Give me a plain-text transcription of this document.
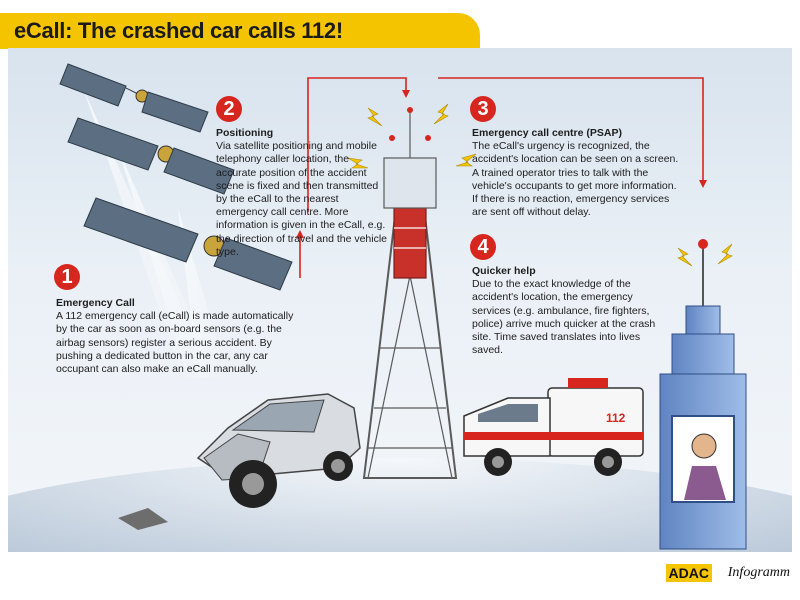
eCall: The crashed car calls 112!
112
1
2	3
4
Emergency Call
A 112 emergency call (eCall) is made automatically by the car as soon as on-board sensors (e.g. the airbag sensors) register a serious accident. By pushing a dedicated button in the car, any car occupant can also make an eCall manually.
Positioning
Via satellite positioning and mobile telephony caller location, the accurate position of the accident scene is fixed and then transmitted by the eCall to the nearest emergency call centre. More information is given in the eCall, e.g. the direction of travel and the vehicle type.
Emergency call centre (PSAP)
The eCall's urgency is recognized, the accident's location can be seen on a screen. A trained operator tries to talk with the vehicle's occupants to get more information. If there is no reaction, emergency services are sent off without delay.
Quicker help
Due to the exact knowledge of the accident's location, the emergency services (e.g. ambulance, fire fighters, police) arrive much quicker at the crash site. Time saved translates into lives saved.
ADAC Infogramm
